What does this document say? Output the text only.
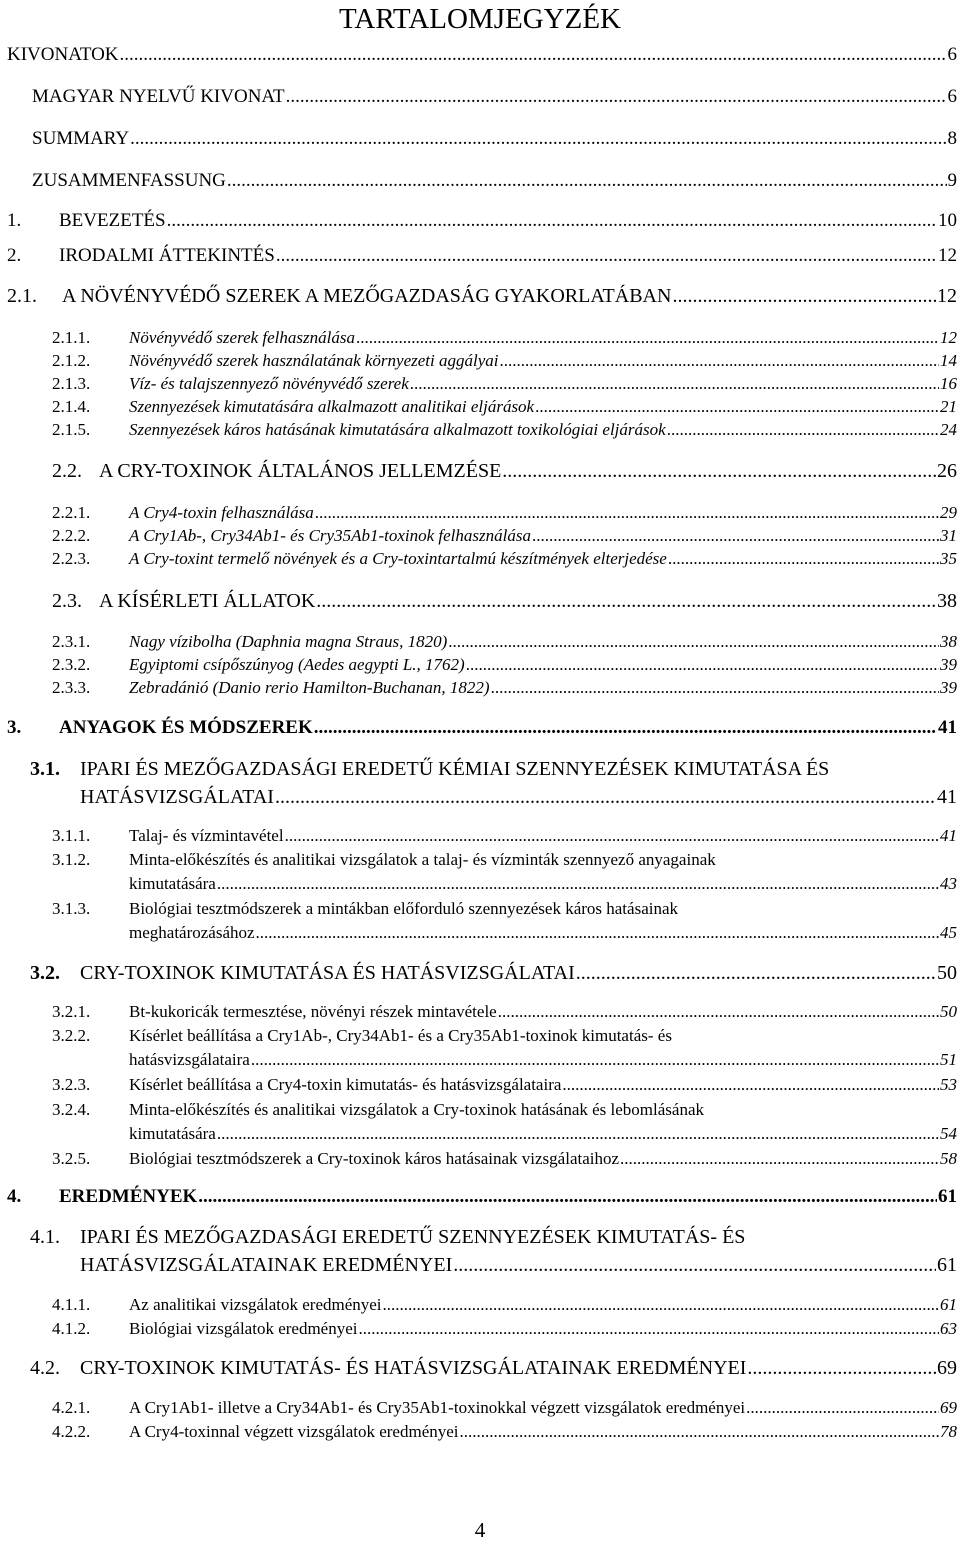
TARTALOMJEGYZÉK
KIVONATOK .....	6
MAGYAR NYELVŰ KIVONAT .....	6
SUMMARY .....	8
ZUSAMMENFASSUNG .....	9
1.	BEVEZETÉS .....	10
2.	IRODALMI ÁTTEKINTÉS .....	12
2.1.	A NÖVÉNYVÉDŐ SZEREK A MEZŐGAZDASÁG GYAKORLATÁBAN .....	12
2.1.1.	Növényvédő szerek felhasználása .....	12
2.1.2.	Növényvédő szerek használatának környezeti aggályai .....	14
2.1.3.	Víz- és talajszennyező növényvédő szerek .....	16
2.1.4.	Szennyezések kimutatására alkalmazott analitikai eljárások .....	21
2.1.5.	Szennyezések káros hatásának kimutatására alkalmazott toxikológiai eljárások .....	24
2.2. A CRY-TOXINOK ÁLTALÁNOS JELLEMZÉSE .....	26
2.2.1.	A Cry4-toxin felhasználása .....	29
2.2.2.	A Cry1Ab-, Cry34Ab1- és Cry35Ab1-toxinok felhasználása .....	31
2.2.3.	A Cry-toxint termelő növények és a Cry-toxintartalmú készítmények elterjedése .....	35
2.3. A KÍSÉRLETI ÁLLATOK .....	38
2.3.1.	Nagy vízibolha (Daphnia magna Straus, 1820) .....	38
2.3.2.	Egyiptomi csípőszúnyog (Aedes aegypti L., 1762) .....	39
2.3.3.	Zebradánió (Danio rerio Hamilton-Buchanan, 1822) .....	39
3.	ANYAGOK ÉS MÓDSZEREK .....	41
3.1. IPARI ÉS MEZŐGAZDASÁGI EREDETŰ KÉMIAI SZENNYEZÉSEK KIMUTATÁSA ÉS
HATÁSVIZSGÁLATAI .....	41
3.1.1.	Talaj- és vízmintavétel .....	41
3.1.2. Minta-előkészítés és analitikai vizsgálatok a talaj- és vízminták szennyező anyagainak
kimutatására .....	43
3.1.3. Biológiai tesztmódszerek a mintákban előforduló szennyezések káros hatásainak
meghatározásához .....	45
3.2.	CRY-TOXINOK KIMUTATÁSA ÉS HATÁSVIZSGÁLATAI .....	50
3.2.1.	Bt-kukoricák termesztése, növényi részek mintavétele .....	50
3.2.2. Kísérlet beállítása a Cry1Ab-, Cry34Ab1- és a Cry35Ab1-toxinok kimutatás- és
hatásvizsgálataira .....	51
3.2.3.	Kísérlet beállítása a Cry4-toxin kimutatás- és hatásvizsgálataira .....	53
3.2.4. Minta-előkészítés és analitikai vizsgálatok a Cry-toxinok hatásának és lebomlásának
kimutatására .....	54
3.2.5.	Biológiai tesztmódszerek a Cry-toxinok káros hatásainak vizsgálataihoz .....	58
4.	EREDMÉNYEK .....	61
4.1. IPARI ÉS MEZŐGAZDASÁGI EREDETŰ SZENNYEZÉSEK KIMUTATÁS- ÉS
HATÁSVIZSGÁLATAINAK EREDMÉNYEI .....	61
4.1.1.	Az analitikai vizsgálatok eredményei .....	61
4.1.2.	Biológiai vizsgálatok eredményei .....	63
4.2.	CRY-TOXINOK KIMUTATÁS- ÉS HATÁSVIZSGÁLATAINAK EREDMÉNYEI .....	69
4.2.1.	A Cry1Ab1- illetve a Cry34Ab1- és Cry35Ab1-toxinokkal végzett vizsgálatok eredményei .....	69
4.2.2.	A Cry4-toxinnal végzett vizsgálatok eredményei .....	78
4
